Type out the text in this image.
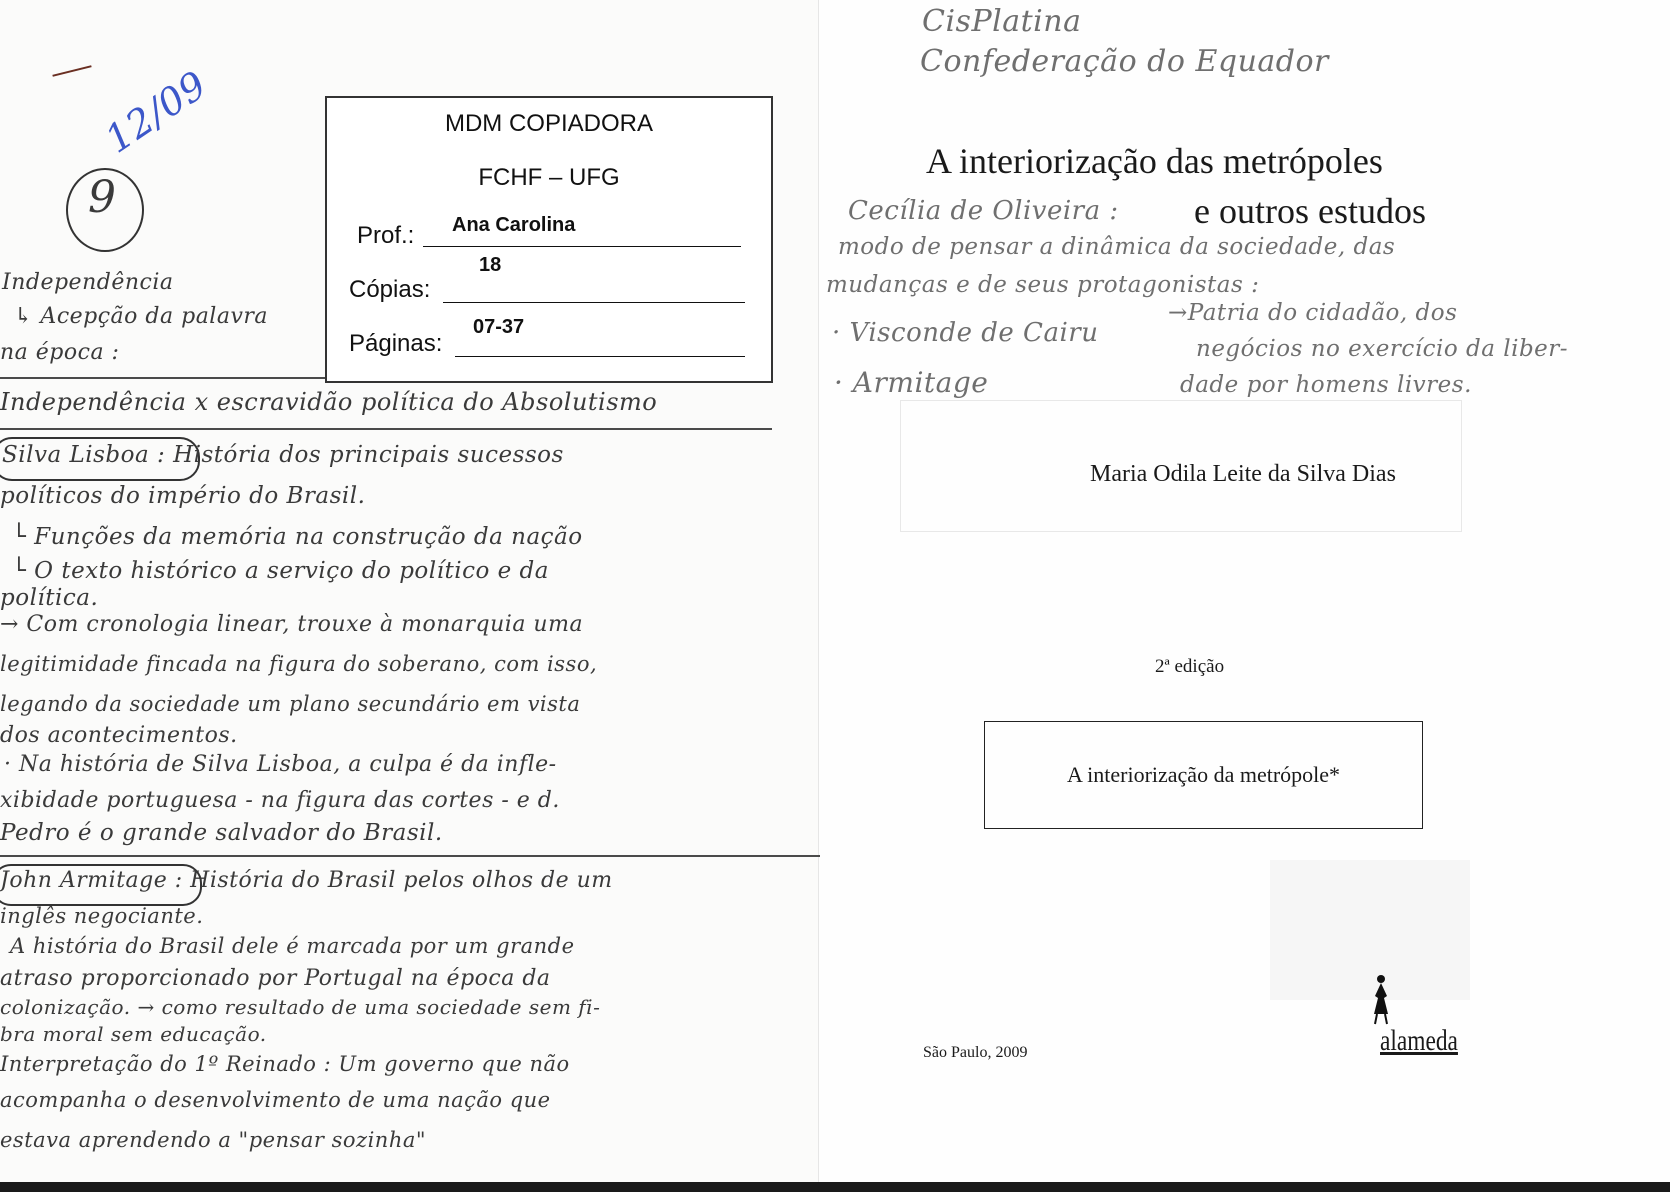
12/09
9
Independência
↳ Acepção da palavra
na época :
Independência x escravidão política do Absolutismo
Silva Lisboa : História dos principais sucessos
políticos do império do Brasil.
└ Funções da memória na construção da nação
└ O texto histórico a serviço do político e da
política.
→ Com cronologia linear, trouxe à monarquia uma
legitimidade fincada na figura do soberano, com isso,
legando da sociedade um plano secundário em vista
dos acontecimentos.
· Na história de Silva Lisboa, a culpa é da infle-
xibidade portuguesa - na figura das cortes - e d.
Pedro é o grande salvador do Brasil.
John Armitage : História do Brasil pelos olhos de um
inglês negociante.
A história do Brasil dele é marcada por um grande
atraso proporcionado por Portugal na época da
colonização. → como resultado de uma sociedade sem fi-
bra moral sem educação.
Interpretação do 1º Reinado : Um governo que não
acompanha o desenvolvimento de uma nação que
estava aprendendo a "pensar sozinha"
MDM COPIADORA
FCHF – UFG
Prof.: Ana Carolina
Cópias:
18
Páginas:
07-37
CisPlatina
Confederação do Equador
Cecília de Oliveira :
modo de pensar a dinâmica da sociedade, das
mudanças e de seus protagonistas :
· Visconde de Cairu
→Patria do cidadão, dos
negócios no exercício da liber-
dade por homens livres.
· Armitage
A interiorização das metrópoles
e outros estudos
Maria Odila Leite da Silva Dias
2ª edição
A interiorização da metrópole*
São Paulo, 2009	alameda
